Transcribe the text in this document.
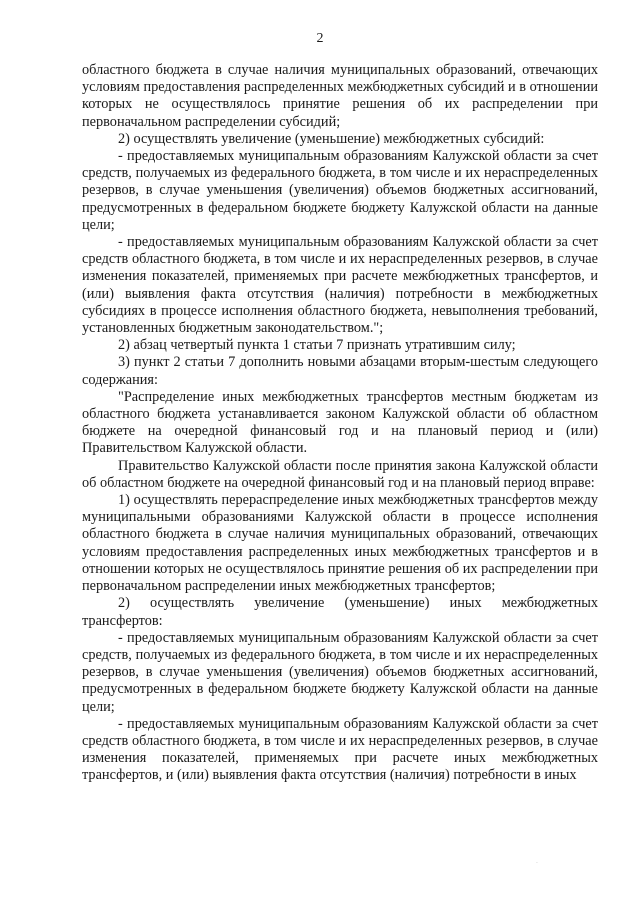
2

областного бюджета в случае наличия муниципальных образований, отвечающих условиям предоставления распределенных межбюджетных субсидий и в отношении которых не осуществлялось принятие решения об их распределении при первоначальном распределении субсидий;

2) осуществлять увеличение (уменьшение) межбюджетных субсидий:

- предоставляемых муниципальным образованиям Калужской области за счет средств, получаемых из федерального бюджета, в том числе и их нераспределенных резервов, в случае уменьшения (увеличения) объемов бюджетных ассигнований, предусмотренных в федеральном бюджете бюджету Калужской области на данные цели;

- предоставляемых муниципальным образованиям Калужской области за счет средств областного бюджета, в том числе и их нераспределенных резервов, в случае изменения показателей, применяемых при расчете межбюджетных трансфертов, и (или) выявления факта отсутствия (наличия) потребности в межбюджетных субсидиях в процессе исполнения областного бюджета, невыполнения требований, установленных бюджетным законодательством.";

2) абзац четвертый пункта 1 статьи 7 признать утратившим силу;

3) пункт 2 статьи 7 дополнить новыми абзацами вторым-шестым следующего содержания:

"Распределение иных межбюджетных трансфертов местным бюджетам из областного бюджета устанавливается законом Калужской области об областном бюджете на очередной финансовый год и на плановый период и (или) Правительством Калужской области.

Правительство Калужской области после принятия закона Калужской области об областном бюджете на очередной финансовый год и на плановый период вправе:

1) осуществлять перераспределение иных межбюджетных трансфертов между муниципальными образованиями Калужской области в процессе исполнения областного бюджета в случае наличия муниципальных образований, отвечающих условиям предоставления распределенных иных межбюджетных трансфертов и в отношении которых не осуществлялось принятие решения об их распределении при первоначальном распределении иных межбюджетных трансфертов;

2) осуществлять увеличение (уменьшение) иных межбюджетных трансфертов:

- предоставляемых муниципальным образованиям Калужской области за счет средств, получаемых из федерального бюджета, в том числе и их нераспределенных резервов, в случае уменьшения (увеличения) объемов бюджетных ассигнований, предусмотренных в федеральном бюджете бюджету Калужской области на данные цели;

- предоставляемых муниципальным образованиям Калужской области за счет средств областного бюджета, в том числе и их нераспределенных резервов, в случае изменения показателей, применяемых при расчете иных межбюджетных трансфертов, и (или) выявления факта отсутствия (наличия) потребности в иных

.
